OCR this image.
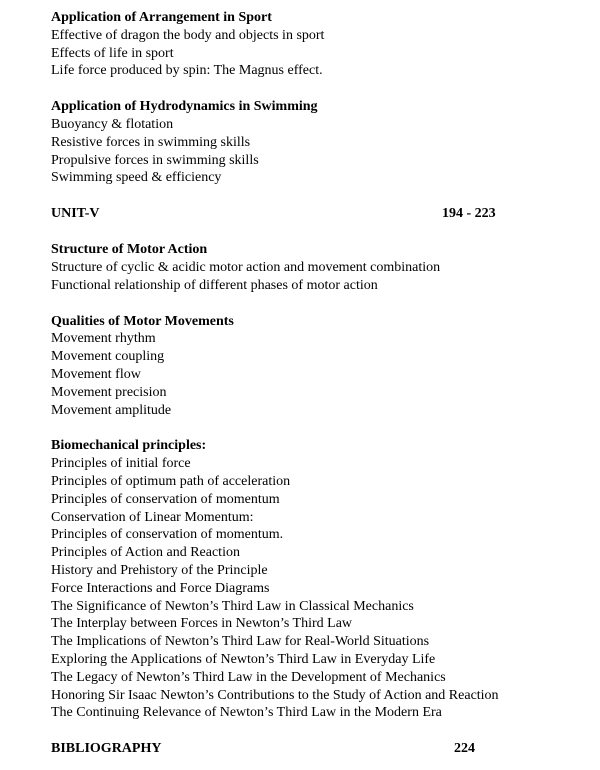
Application of Arrangement in Sport
Effective of dragon the body and objects in sport
Effects of life in sport
Life force produced by spin: The Magnus effect.
Application of Hydrodynamics in Swimming
Buoyancy & flotation
Resistive forces in swimming skills
Propulsive forces in swimming skills
Swimming speed & efficiency
UNIT-V	194 - 223
Structure of Motor Action
Structure of cyclic & acidic motor action and movement combination
Functional relationship of different phases of motor action
Qualities of Motor Movements
Movement rhythm
Movement coupling
Movement flow
Movement precision
Movement amplitude
Biomechanical principles:
Principles of initial force
Principles of optimum path of acceleration
Principles of conservation of momentum
Conservation of Linear Momentum:
Principles of conservation of momentum.
Principles of Action and Reaction
History and Prehistory of the Principle
Force Interactions and Force Diagrams
The Significance of Newton’s Third Law in Classical Mechanics
The Interplay between Forces in Newton’s Third Law
The Implications of Newton’s Third Law for Real-World Situations
Exploring the Applications of Newton’s Third Law in Everyday Life
The Legacy of Newton’s Third Law in the Development of Mechanics
Honoring Sir Isaac Newton’s Contributions to the Study of Action and Reaction
The Continuing Relevance of Newton’s Third Law in the Modern Era
BIBLIOGRAPHY	224
